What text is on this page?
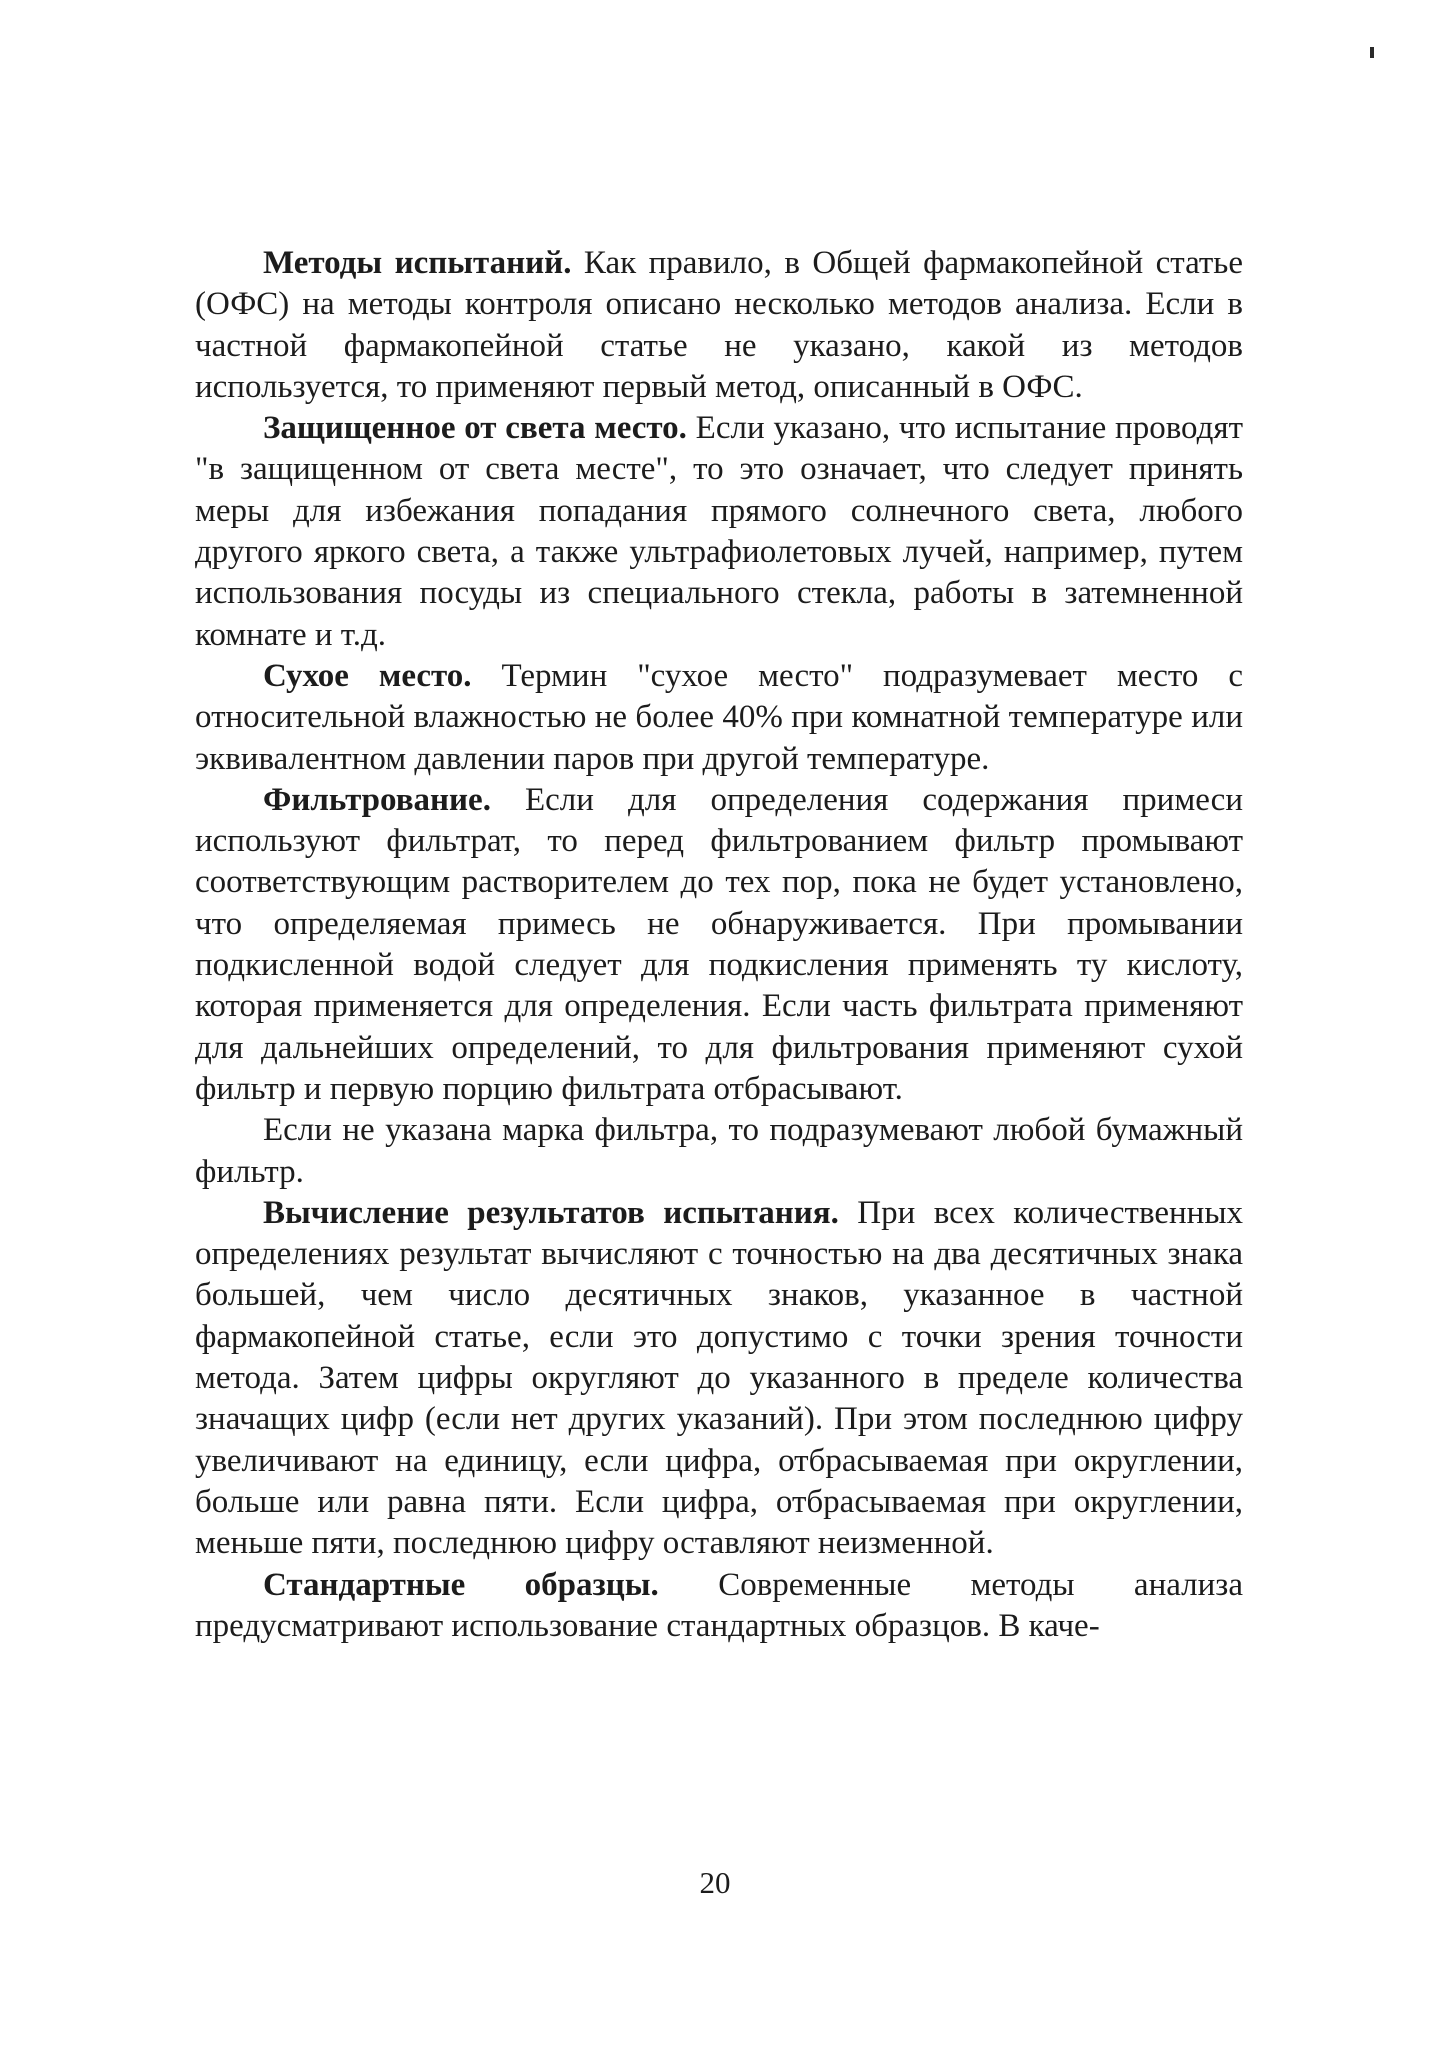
Методы испытаний. Как правило, в Общей фармакопейной статье (ОФС) на методы контроля описано несколько методов анализа. Если в частной фармакопейной статье не указано, какой из методов используется, то применяют первый метод, описанный в ОФС.

Защищенное от света место. Если указано, что испытание проводят "в защищенном от света месте", то это означает, что следует принять меры для избежания попадания прямого солнечного света, любого другого яркого света, а также ультрафиолетовых лучей, например, путем использования посуды из специального стекла, работы в затемненной комнате и т.д.

Сухое место. Термин "сухое место" подразумевает место с относительной влажностью не более 40% при комнатной температуре или эквивалентном давлении паров при другой температуре.

Фильтрование. Если для определения содержания примеси используют фильтрат, то перед фильтрованием фильтр промывают соответствующим растворителем до тех пор, пока не будет установлено, что определяемая примесь не обнаруживается. При промывании подкисленной водой следует для подкисления применять ту кислоту, которая применяется для определения. Если часть фильтрата применяют для дальнейших определений, то для фильтрования применяют сухой фильтр и первую порцию фильтрата отбрасывают.

Если не указана марка фильтра, то подразумевают любой бумажный фильтр.

Вычисление результатов испытания. При всех количественных определениях результат вычисляют с точностью на два десятичных знака большей, чем число десятичных знаков, указанное в частной фармакопейной статье, если это допустимо с точки зрения точности метода. Затем цифры округляют до указанного в пределе количества значащих цифр (если нет других указаний). При этом последнюю цифру увеличивают на единицу, если цифра, отбрасываемая при округлении, больше или равна пяти. Если цифра, отбрасываемая при округлении, меньше пяти, последнюю цифру оставляют неизменной.

Стандартные образцы. Современные методы анализа предусматривают использование стандартных образцов. В каче-

20
